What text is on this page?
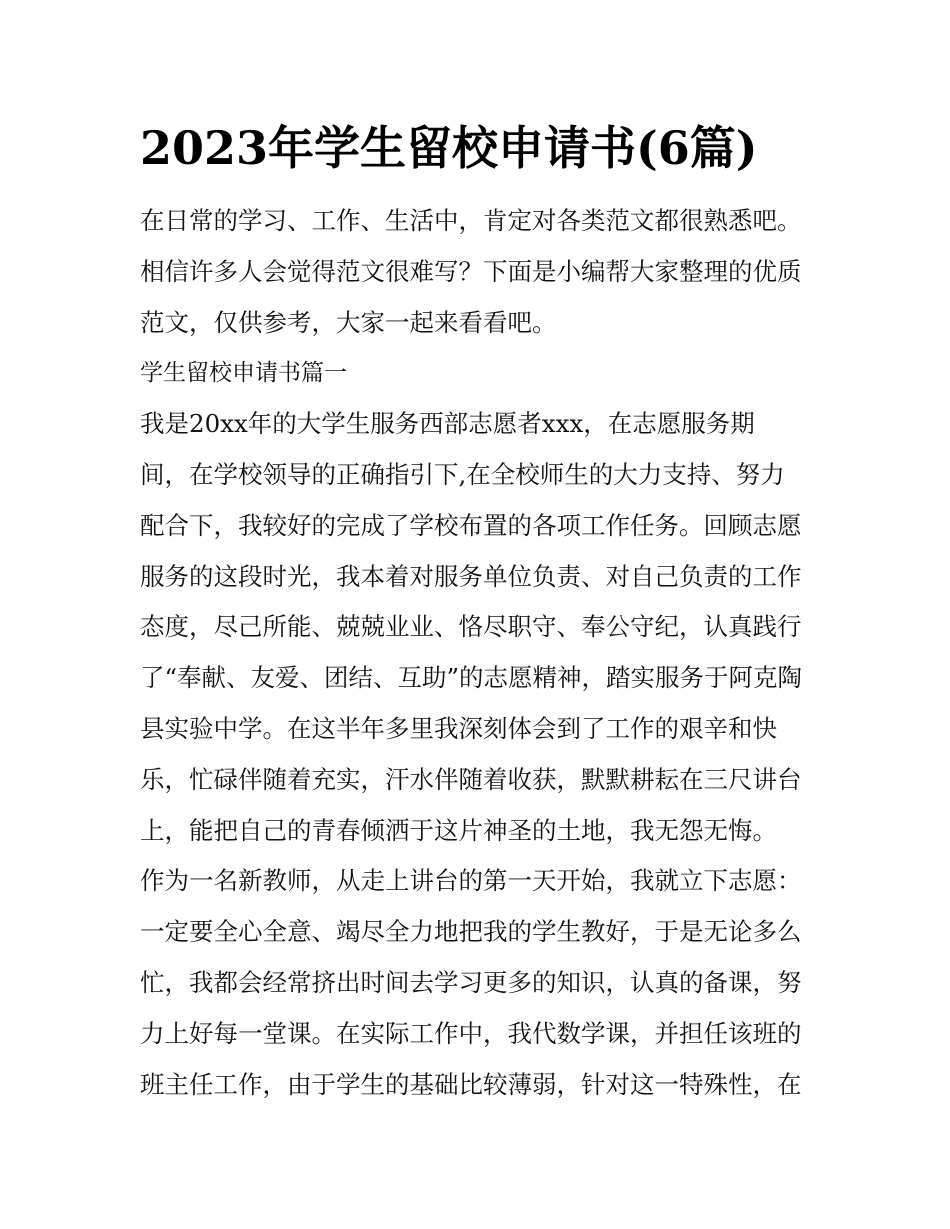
2023年学生留校申请书(6篇)
在日常的学习、工作、生活中，肯定对各类范文都很熟悉吧。
相信许多人会觉得范文很难写？下面是小编帮大家整理的优质
范文，仅供参考，大家一起来看看吧。
学生留校申请书篇一
我是20xx年的大学生服务西部志愿者xxx，在志愿服务期
间，在学校领导的正确指引下,在全校师生的大力支持、努力
配合下，我较好的完成了学校布置的各项工作任务。回顾志愿
服务的这段时光，我本着对服务单位负责、对自己负责的工作
态度，尽己所能、兢兢业业、恪尽职守、奉公守纪，认真践行
了“奉献、友爱、团结、互助”的志愿精神，踏实服务于阿克陶
县实验中学。在这半年多里我深刻体会到了工作的艰辛和快
乐，忙碌伴随着充实，汗水伴随着收获，默默耕耘在三尺讲台
上，能把自己的青春倾洒于这片神圣的土地，我无怨无悔。
作为一名新教师，从走上讲台的第一天开始，我就立下志愿：
一定要全心全意、竭尽全力地把我的学生教好，于是无论多么
忙，我都会经常挤出时间去学习更多的知识，认真的备课，努
力上好每一堂课。在实际工作中，我代数学课，并担任该班的
班主任工作，由于学生的基础比较薄弱，针对这一特殊性，在
